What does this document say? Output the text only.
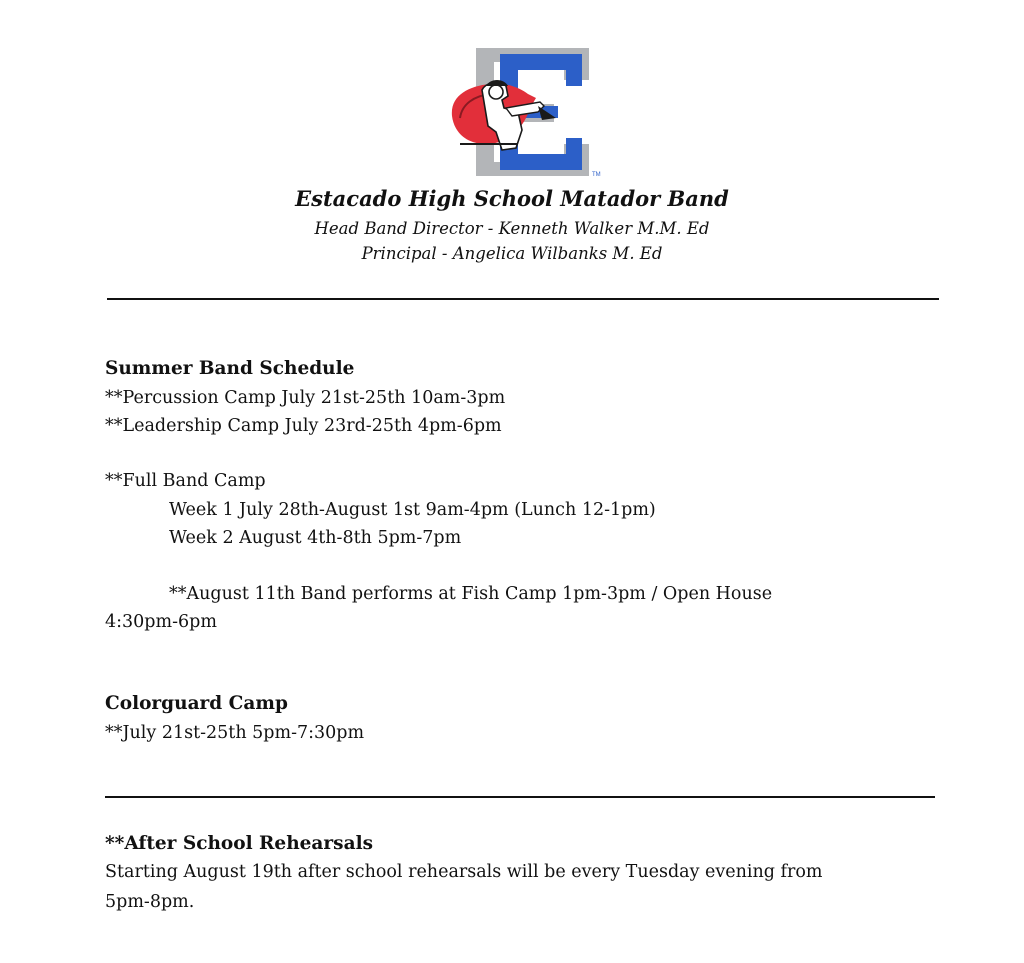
TM
Estacado High School Matador Band
Head Band Director - Kenneth Walker M.M. Ed
Principal - Angelica Wilbanks M. Ed
Summer Band Schedule
**Percussion Camp July 21st-25th 10am-3pm
**Leadership Camp July 23rd-25th 4pm-6pm
**Full Band Camp
Week 1 July 28th-August 1st 9am-4pm (Lunch 12-1pm)
Week 2 August 4th-8th 5pm-7pm
**August 11th Band performs at Fish Camp 1pm-3pm / Open House
4:30pm-6pm
Colorguard Camp
**July 21st-25th 5pm-7:30pm
**After School Rehearsals
Starting August 19th after school rehearsals will be every Tuesday evening from
5pm-8pm.
